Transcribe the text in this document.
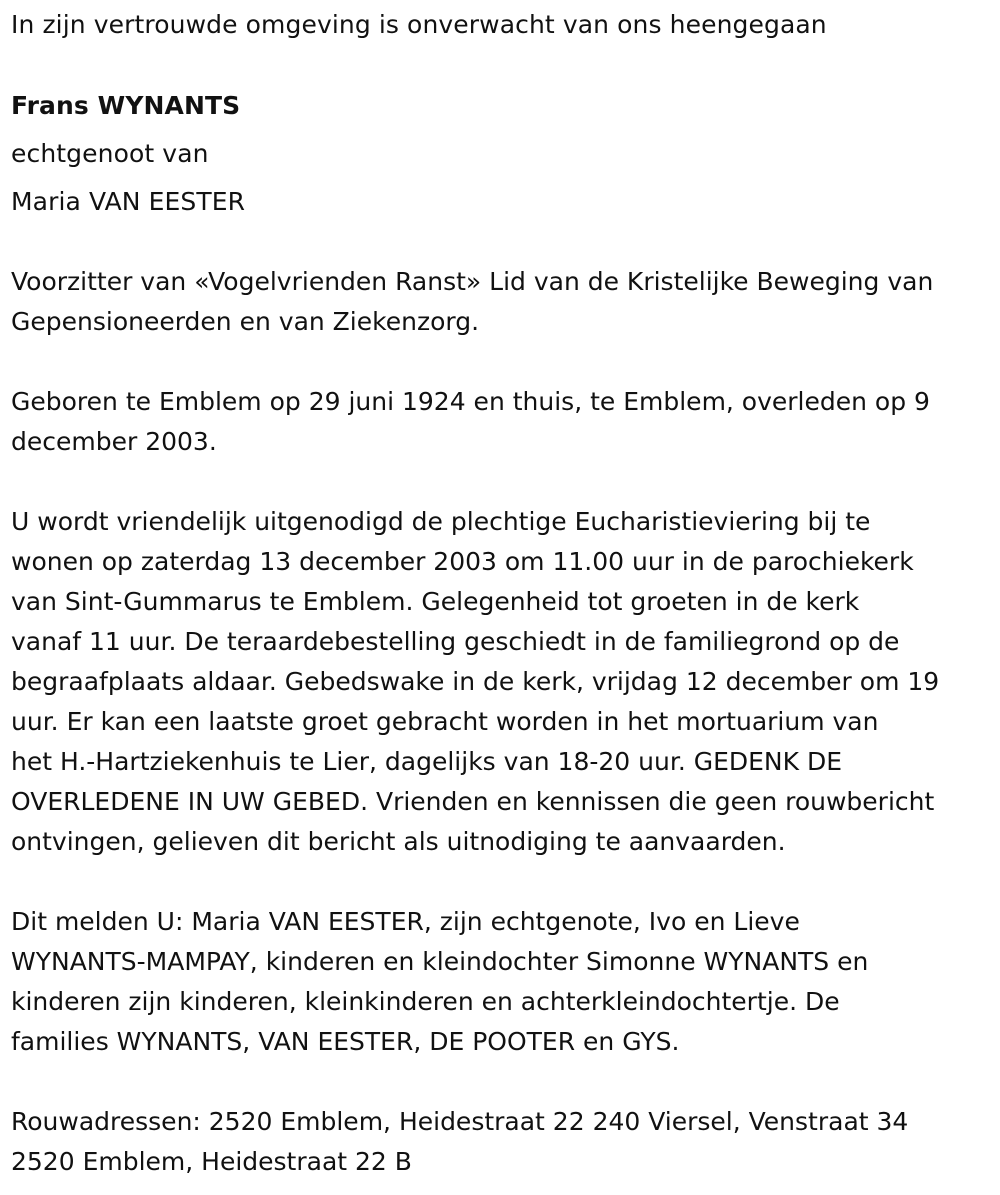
In zijn vertrouwde omgeving is onverwacht van ons heengegaan
Frans WYNANTS
echtgenoot van
Maria VAN EESTER

Voorzitter van «Vogelvrienden Ranst» Lid van de Kristelijke Beweging van
Gepensioneerden en van Ziekenzorg.

Geboren te Emblem op 29 juni 1924 en thuis, te Emblem, overleden op 9
december 2003.

U wordt vriendelijk uitgenodigd de plechtige Eucharistieviering bij te
wonen op zaterdag 13 december 2003 om 11.00 uur in de parochiekerk
van Sint-Gummarus te Emblem. Gelegenheid tot groeten in de kerk
vanaf 11 uur. De teraardebestelling geschiedt in de familiegrond op de
begraafplaats aldaar. Gebedswake in de kerk, vrijdag 12 december om 19
uur. Er kan een laatste groet gebracht worden in het mortuarium van
het H.-Hartziekenhuis te Lier, dagelijks van 18-20 uur. GEDENK DE
OVERLEDENE IN UW GEBED. Vrienden en kennissen die geen rouwbericht
ontvingen, gelieven dit bericht als uitnodiging te aanvaarden.

Dit melden U: Maria VAN EESTER, zijn echtgenote, Ivo en Lieve
WYNANTS-MAMPAY, kinderen en kleindochter Simonne WYNANTS en
kinderen zijn kinderen, kleinkinderen en achterkleindochtertje. De
families WYNANTS, VAN EESTER, DE POOTER en GYS.

Rouwadressen: 2520 Emblem, Heidestraat 22 240 Viersel, Venstraat 34
2520 Emblem, Heidestraat 22 B
